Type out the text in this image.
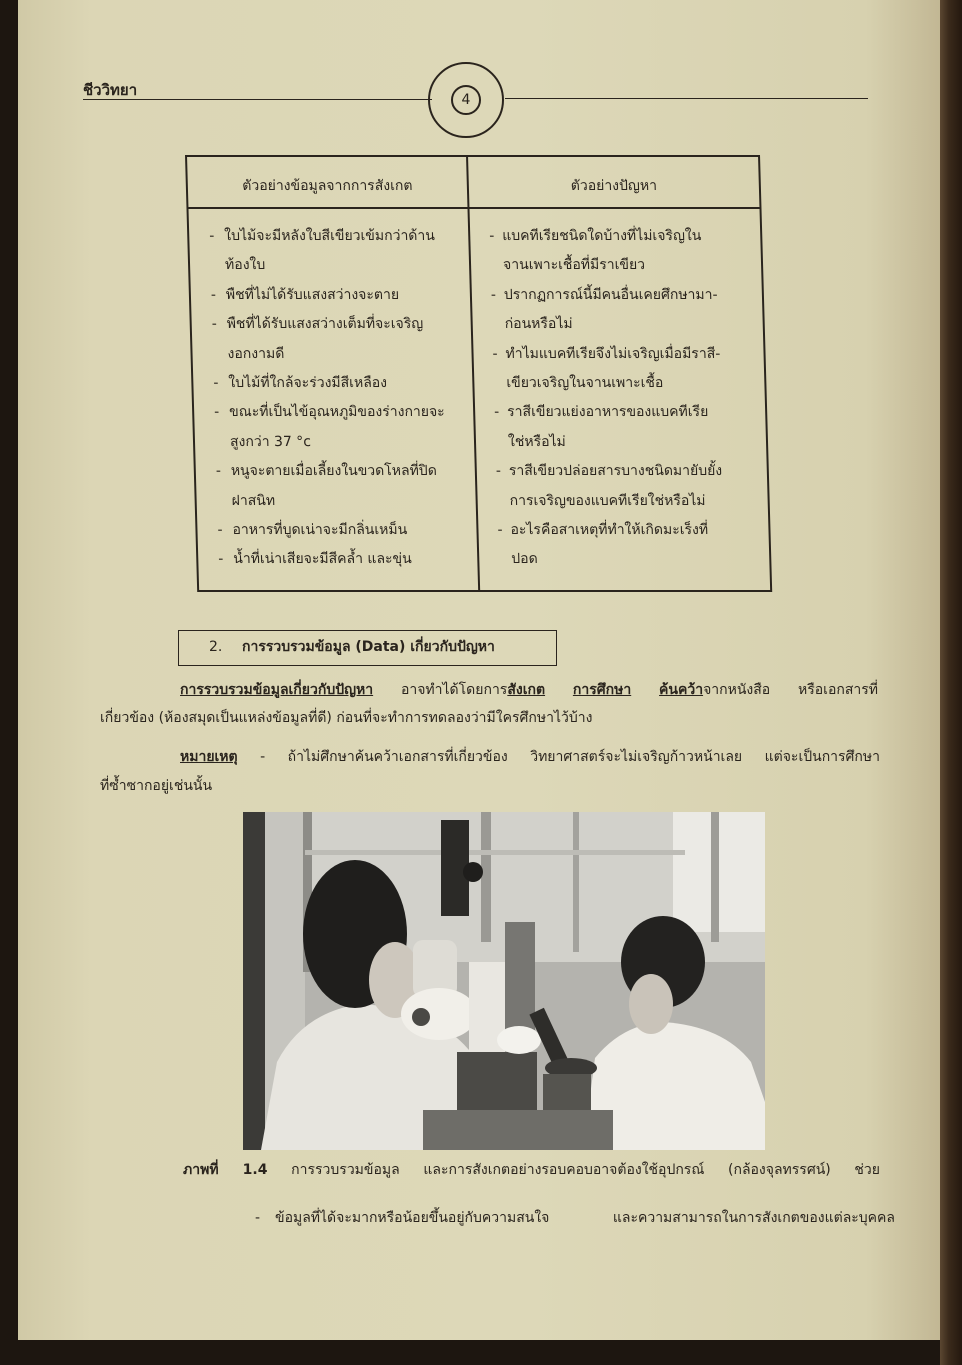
ชีววิทยา
4
ตัวอย่างข้อมูลจากการสังเกต	ตัวอย่างปัญหา
- ใบไม้จะมีหลังใบสีเขียวเข้มกว่าด้าน
ท้องใบ
- พืชที่ไม่ได้รับแสงสว่างจะตาย
- พืชที่ได้รับแสงสว่างเต็มที่จะเจริญ
งอกงามดี
- ใบไม้ที่ใกล้จะร่วงมีสีเหลือง
- ขณะที่เป็นไข้อุณหภูมิของร่างกายจะ
สูงกว่า 37 °c
- หนูจะตายเมื่อเลี้ยงในขวดโหลที่ปิด
ฝาสนิท
- อาหารที่บูดเน่าจะมีกลิ่นเหม็น
- น้ำที่เน่าเสียจะมีสีคล้ำ และขุ่น
- แบคทีเรียชนิดใดบ้างที่ไม่เจริญใน
จานเพาะเชื้อที่มีราเขียว
- ปรากฏการณ์นี้มีคนอื่นเคยศึกษามา-
ก่อนหรือไม่
- ทำไมแบคทีเรียจึงไม่เจริญเมื่อมีราสี-
เขียวเจริญในจานเพาะเชื้อ
- ราสีเขียวแย่งอาหารของแบคทีเรีย
ใช่หรือไม่
- ราสีเขียวปล่อยสารบางชนิดมายับยั้ง
การเจริญของแบคทีเรียใช่หรือไม่
- อะไรคือสาเหตุที่ทำให้เกิดมะเร็งที่
ปอด
2. การรวบรวมข้อมูล (Data) เกี่ยวกับปัญหา
การรวบรวมข้อมูลเกี่ยวกับปัญหา อาจทำได้โดยการสังเกต การศึกษา ค้นคว้าจากหนังสือ หรือเอกสารที่
เกี่ยวข้อง (ห้องสมุดเป็นแหล่งข้อมูลที่ดี) ก่อนที่จะทำการทดลองว่ามีใครศึกษาไว้บ้าง
หมายเหตุ - ถ้าไม่ศึกษาค้นคว้าเอกสารที่เกี่ยวข้อง วิทยาศาสตร์จะไม่เจริญก้าวหน้าเลย แต่จะเป็นการศึกษา
ที่ซ้ำซากอยู่เช่นนั้น
ภาพที่ 1.4 การรวบรวมข้อมูล และการสังเกตอย่างรอบคอบอาจต้องใช้อุปกรณ์ (กล้องจุลทรรศน์) ช่วย
- ข้อมูลที่ได้จะมากหรือน้อยขึ้นอยู่กับความสนใจ และความสามารถในการสังเกตของแต่ละบุคคล
